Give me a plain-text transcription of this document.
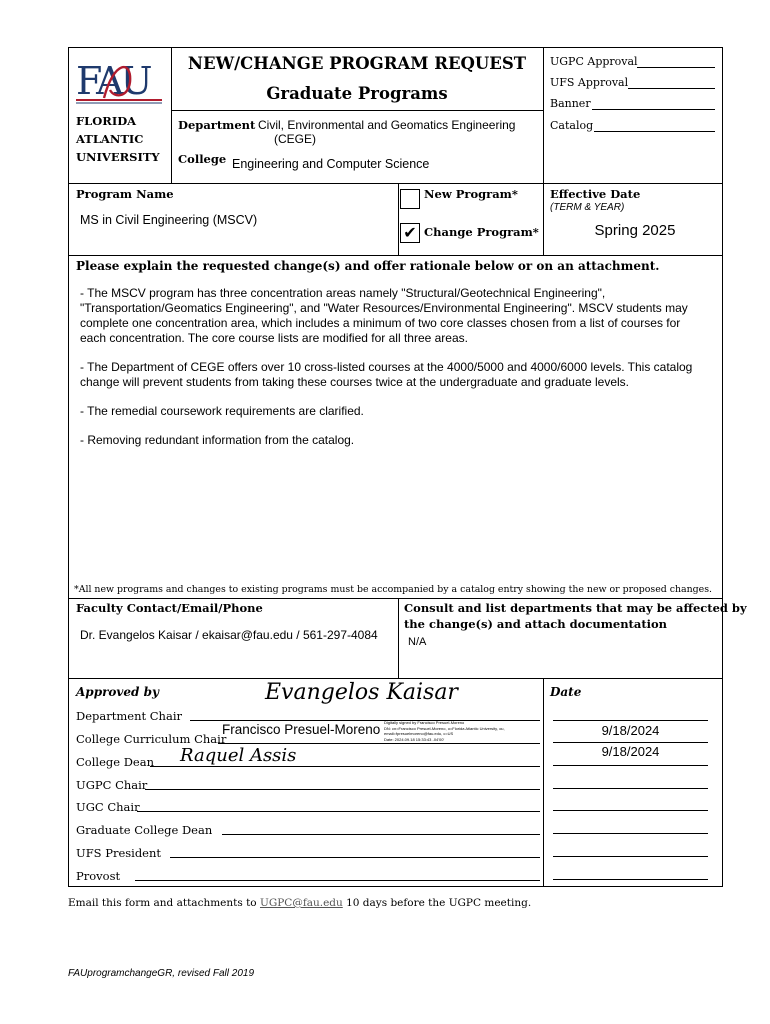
FAU
FLORIDA
ATLANTIC
UNIVERSITY
NEW/CHANGE PROGRAM REQUEST
Graduate Programs
Department Civil, Environmental and Geomatics Engineering
(CEGE)
College Engineering and Computer Science
UGPC Approval
UFS Approval
Banner
Catalog
Program Name
MS in Civil Engineering (MSCV)
New Program*
✔ Change Program*
Effective Date
(TERM & YEAR)
Spring 2025
Please explain the requested change(s) and offer rationale below or on an attachment.

- The MSCV program has three concentration areas namely "Structural/Geotechnical Engineering", "Transportation/Geomatics Engineering", and "Water Resources/Environmental Engineering". MSCV students may complete one concentration area, which includes a minimum of two core classes chosen from a list of courses for each concentration. The core course lists are modified for all three areas.

- The Department of CEGE offers over 10 cross-listed courses at the 4000/5000 and 4000/6000 levels. This catalog change will prevent students from taking these courses twice at the undergraduate and graduate levels.

- The remedial coursework requirements are clarified.

- Removing redundant information from the catalog.

*All new programs and changes to existing programs must be accompanied by a catalog entry showing the new or proposed changes.
Faculty Contact/Email/Phone
Dr. Evangelos Kaisar / ekaisar@fau.edu / 561-297-4084
Consult and list departments that may be affected by
the change(s) and attach documentation
N/A
Approved by	Date
Evangelos Kaisar
Francisco Presuel-Moreno Digitally signed by Francisco Presuel-Moreno
DN: cn=Francisco Presuel-Moreno, o=Florida Atlantic University, ou,
email=fpresuelmoreno@fau.edu, c=US
Date: 2024.09.18 15:33:43 -04'00'
Raquel Assis
Department Chair
College Curriculum Chair
9/18/2024
College Dean
9/18/2024
UGPC Chair
UGC Chair
Graduate College Dean
UFS President
Provost
Email this form and attachments to UGPC@fau.edu 10 days before the UGPC meeting.
FAUprogramchangeGR, revised Fall 2019
